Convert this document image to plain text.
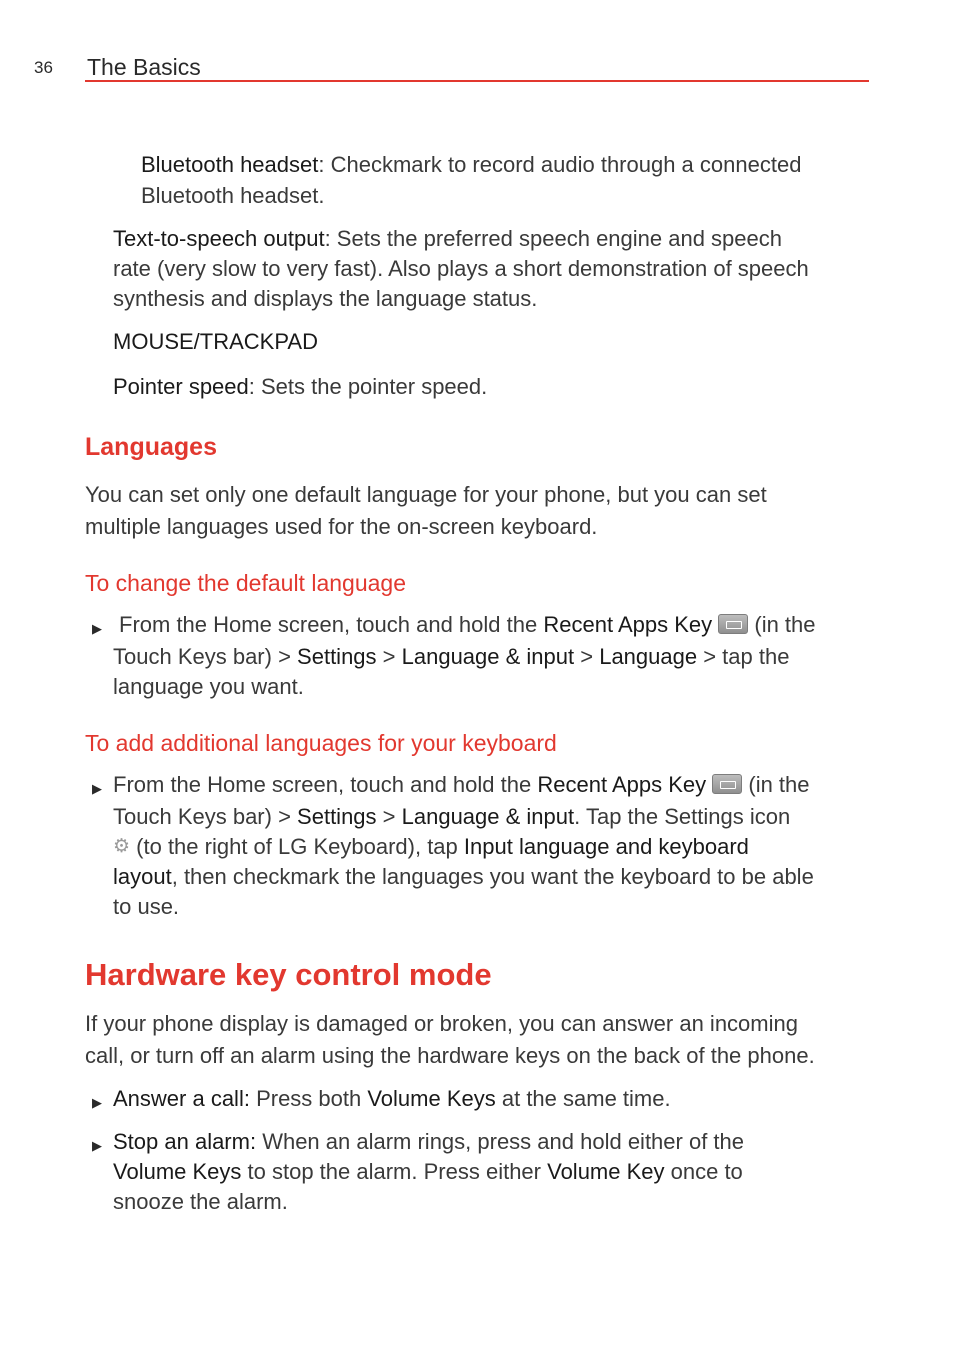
36 The Basics

Bluetooth headset: Checkmark to record audio through a connected

Bluetooth headset.

Text-to-speech output: Sets the preferred speech engine and speech

rate (very slow to very fast). Also plays a short demonstration of speech

synthesis and displays the language status.

MOUSE/TRACKPAD

Pointer speed: Sets the pointer speed.

Languages

You can set only one default language for your phone, but you can set

multiple languages used for the on-screen keyboard.

To change the default language
▶ From the Home screen, touch and hold the Recent Apps Key  (in the

Touch Keys bar) > Settings > Language & input > Language > tap the

language you want.

To add additional languages for your keyboard
▶ From the Home screen, touch and hold the Recent Apps Key  (in the

Touch Keys bar) > Settings > Language & input. Tap the Settings icon

⚙ (to the right of LG Keyboard), tap Input language and keyboard

layout, then checkmark the languages you want the keyboard to be able

to use.

Hardware key control mode

If your phone display is damaged or broken, you can answer an incoming

call, or turn off an alarm using the hardware keys on the back of the phone.

▶ Answer a call: Press both Volume Keys at the same time.

▶ Stop an alarm: When an alarm rings, press and hold either of the

Volume Keys to stop the alarm. Press either Volume Key once to

snooze the alarm.
